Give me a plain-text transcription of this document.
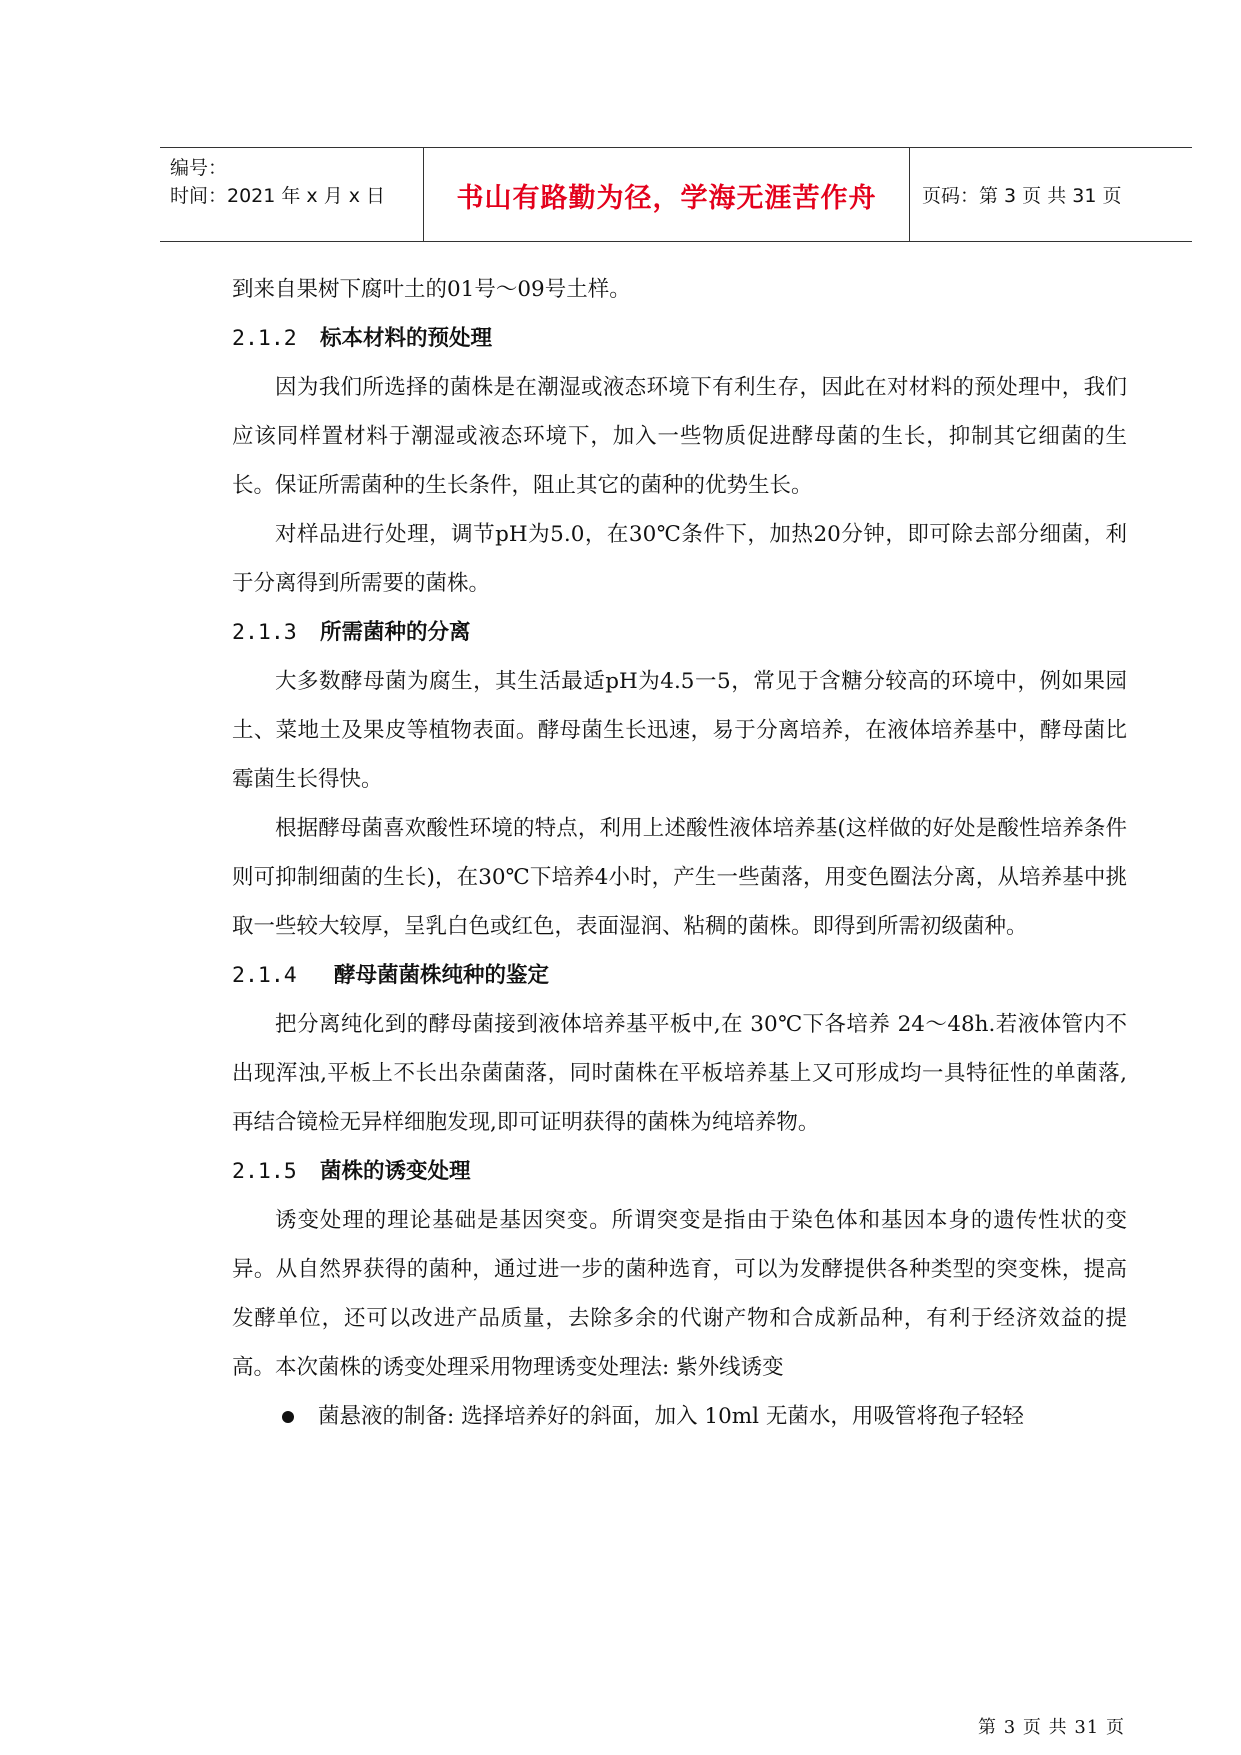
编号：
时间：2021 年 x 月 x 日	书山有路勤为径，学海无涯苦作舟	页码：第 3 页 共 31 页

到来自果树下腐叶土的01号～09号土样。

2.1.2 标本材料的预处理

因为我们所选择的菌株是在潮湿或液态环境下有利生存，因此在对材料的预处理中，我们应该同样置材料于潮湿或液态环境下，加入一些物质促进酵母菌的生长，抑制其它细菌的生长。保证所需菌种的生长条件，阻止其它的菌种的优势生长。

对样品进行处理，调节pH为5.0，在30℃条件下，加热20分钟，即可除去部分细菌，利于分离得到所需要的菌株。

2.1.3 所需菌种的分离

大多数酵母菌为腐生，其生活最适pH为4.5一5，常见于含糖分较高的环境中，例如果园土、菜地土及果皮等植物表面。酵母菌生长迅速，易于分离培养，在液体培养基中，酵母菌比霉菌生长得快。

根据酵母菌喜欢酸性环境的特点，利用上述酸性液体培养基(这样做的好处是酸性培养条件则可抑制细菌的生长)，在30℃下培养4小时，产生一些菌落，用变色圈法分离，从培养基中挑取一些较大较厚，呈乳白色或红色，表面湿润、粘稠的菌株。即得到所需初级菌种。

2.1.4 酵母菌菌株纯种的鉴定

把分离纯化到的酵母菌接到液体培养基平板中,在 30℃下各培养 24～48h.若液体管内不出现浑浊,平板上不长出杂菌菌落，同时菌株在平板培养基上又可形成均一具特征性的单菌落,再结合镜检无异样细胞发现,即可证明获得的菌株为纯培养物。

2.1.5 菌株的诱变处理

诱变处理的理论基础是基因突变。所谓突变是指由于染色体和基因本身的遗传性状的变异。从自然界获得的菌种，通过进一步的菌种选育，可以为发酵提供各种类型的突变株，提高发酵单位，还可以改进产品质量，去除多余的代谢产物和合成新品种，有利于经济效益的提高。本次菌株的诱变处理采用物理诱变处理法: 紫外线诱变

菌悬液的制备: 选择培养好的斜面，加入 10ml 无菌水，用吸管将孢子轻轻
第 3 页 共 31 页
